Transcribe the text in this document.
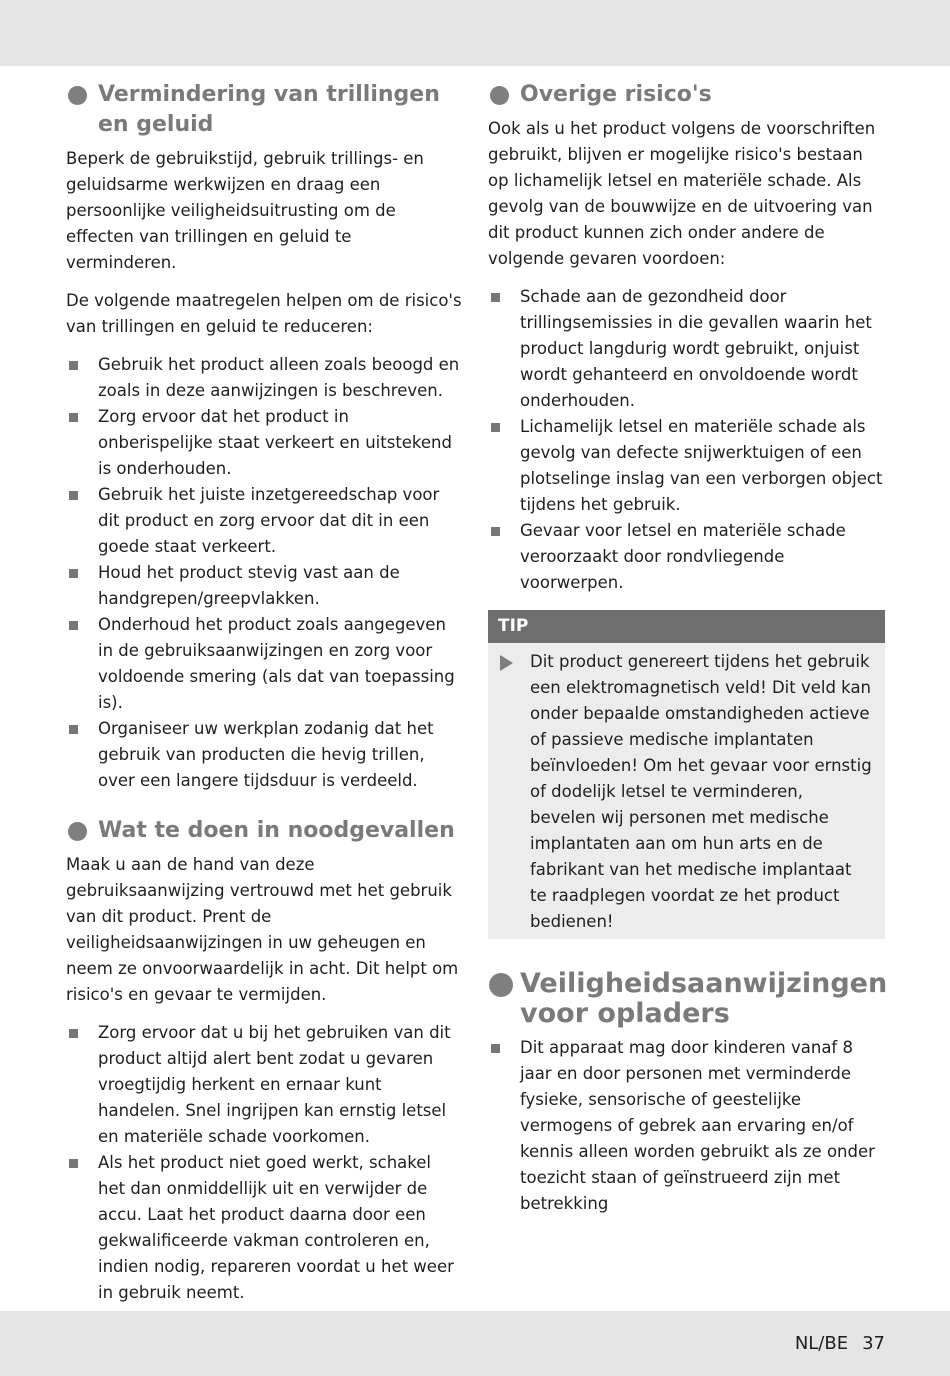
Vermindering van trillingen en geluid

Beperk de gebruikstijd, gebruik trillings- en geluidsarme werkwijzen en draag een persoonlijke veiligheidsuitrusting om de effecten van trillingen en geluid te verminderen.

De volgende maatregelen helpen om de risico's van trillingen en geluid te reduceren:

Gebruik het product alleen zoals beoogd en zoals in deze aanwijzingen is beschreven.
Zorg ervoor dat het product in onberispelijke staat verkeert en uitstekend is onderhouden.
Gebruik het juiste inzetgereedschap voor dit product en zorg ervoor dat dit in een goede staat verkeert.
Houd het product stevig vast aan de handgrepen/greepvlakken.
Onderhoud het product zoals aangegeven in de gebruiksaanwijzingen en zorg voor voldoende smering (als dat van toepassing is).
Organiseer uw werkplan zodanig dat het gebruik van producten die hevig trillen, over een langere tijdsduur is verdeeld.
Wat te doen in noodgevallen

Maak u aan de hand van deze gebruiksaanwijzing vertrouwd met het gebruik van dit product. Prent de veiligheidsaanwijzingen in uw geheugen en neem ze onvoorwaardelijk in acht. Dit helpt om risico's en gevaar te vermijden.

Zorg ervoor dat u bij het gebruiken van dit product altijd alert bent zodat u gevaren vroegtijdig herkent en ernaar kunt handelen. Snel ingrijpen kan ernstig letsel en materiële schade voorkomen.
Als het product niet goed werkt, schakel het dan onmiddellijk uit en verwijder de accu. Laat het product daarna door een gekwalificeerde vakman controleren en, indien nodig, repareren voordat u het weer in gebruik neemt.
Overige risico's

Ook als u het product volgens de voorschriften gebruikt, blijven er mogelijke risico's bestaan op lichamelijk letsel en materiële schade. Als gevolg van de bouwwijze en de uitvoering van dit product kunnen zich onder andere de volgende gevaren voordoen:

Schade aan de gezondheid door trillingsemissies in die gevallen waarin het product langdurig wordt gebruikt, onjuist wordt gehanteerd en onvoldoende wordt onderhouden.
Lichamelijk letsel en materiële schade als gevolg van defecte snijwerktuigen of een plotselinge inslag van een verborgen object tijdens het gebruik.
Gevaar voor letsel en materiële schade veroorzaakt door rondvliegende voorwerpen.
TIP
Dit product genereert tijdens het gebruik een elektromagnetisch veld! Dit veld kan onder bepaalde omstandigheden actieve of passieve medische implantaten beïnvloeden! Om het gevaar voor ernstig of dodelijk letsel te verminderen, bevelen wij personen met medische implantaten aan om hun arts en de fabrikant van het medische implantaat te raadplegen voordat ze het product bedienen!
Veiligheidsaanwijzingen voor opladers
Dit apparaat mag door kinderen vanaf 8 jaar en door personen met verminderde fysieke, sensorische of geestelijke vermogens of gebrek aan ervaring en/of kennis alleen worden gebruikt als ze onder toezicht staan of geïnstrueerd zijn met betrekking
NL/BE 37
